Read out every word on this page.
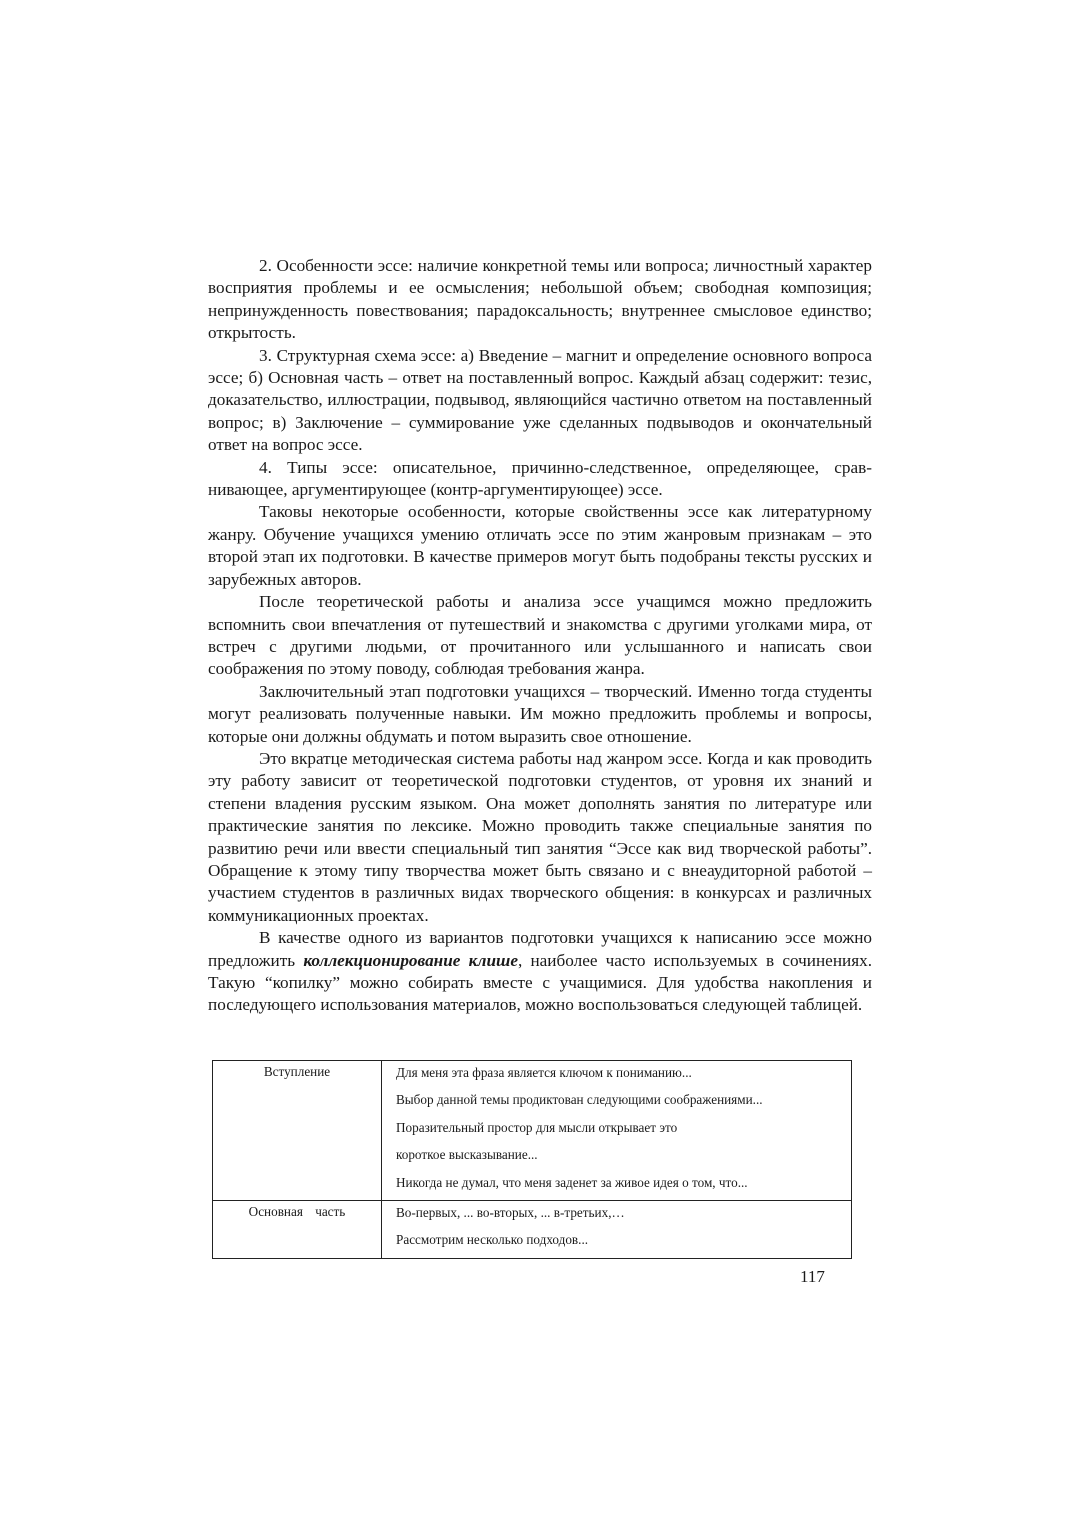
2. Особенности эссе: наличие конкретной темы или вопроса; личностный характер восприятия проблемы и ее осмысления; небольшой объем; свободная композиция; непринужденность повествования; парадоксальность; внутреннее смысловое единство; открытость.

3. Структурная схема эссе: а) Введение – магнит и определение основного вопроса эссе; б) Основная часть – ответ на поставленный вопрос. Каждый абзац содержит: тезис, доказательство, иллюстрации, подвывод, являющийся частично ответом на поставленный вопрос; в) Заключение – суммирование уже сделанных подвыводов и окончательный ответ на вопрос эссе.

4. Типы эссе: описательное, причинно-следственное, определяющее, сравнивающее, аргументирующее (контр-аргументирующее) эссе.

Таковы некоторые особенности, которые свойственны эссе как литературному жанру. Обучение учащихся умению отличать эссе по этим жанровым признакам – это второй этап их подготовки. В качестве примеров могут быть подобраны тексты русских и зарубежных авторов.

После теоретической работы и анализа эссе учащимся можно предложить вспомнить свои впечатления от путешествий и знакомства с другими уголками мира, от встреч с другими людьми, от прочитанного или услышанного и написать свои соображения по этому поводу, соблюдая требования жанра.

Заключительный этап подготовки учащихся – творческий. Именно тогда студенты могут реализовать полученные навыки. Им можно предложить проблемы и вопросы, которые они должны обдумать и потом выразить свое отношение.

Это вкратце методическая система работы над жанром эссе. Когда и как проводить эту работу зависит от теоретической подготовки студентов, от уровня их знаний и степени владения русским языком. Она может дополнять занятия по литературе или практические занятия по лексике. Можно проводить также специальные занятия по развитию речи или ввести специальный тип занятия “Эссе как вид творческой работы”. Обращение к этому типу творчества может быть связано и с внеаудиторной работой – участием студентов в различных видах творческого общения: в конкурсах и различных коммуникационных проектах.

В качестве одного из вариантов подготовки учащихся к написанию эссе можно предложить коллекционирование клише, наиболее часто используемых в сочинениях. Такую “копилку” можно собирать вместе с учащимися. Для удобства накопления и последующего использования материалов, можно воспользоваться следующей таблицей.

Вступление	Для меня эта фраза является ключом к пониманию...
Выбор данной темы продиктован следующими соображениями...
Поразительный простор для мысли открывает это
короткое высказывание...
Никогда не думал, что меня заденет за живое идея о том, что...

Основная часть	Во-первых, ... во-вторых, ... в-третьих,…
Рассмотрим несколько подходов...
117
